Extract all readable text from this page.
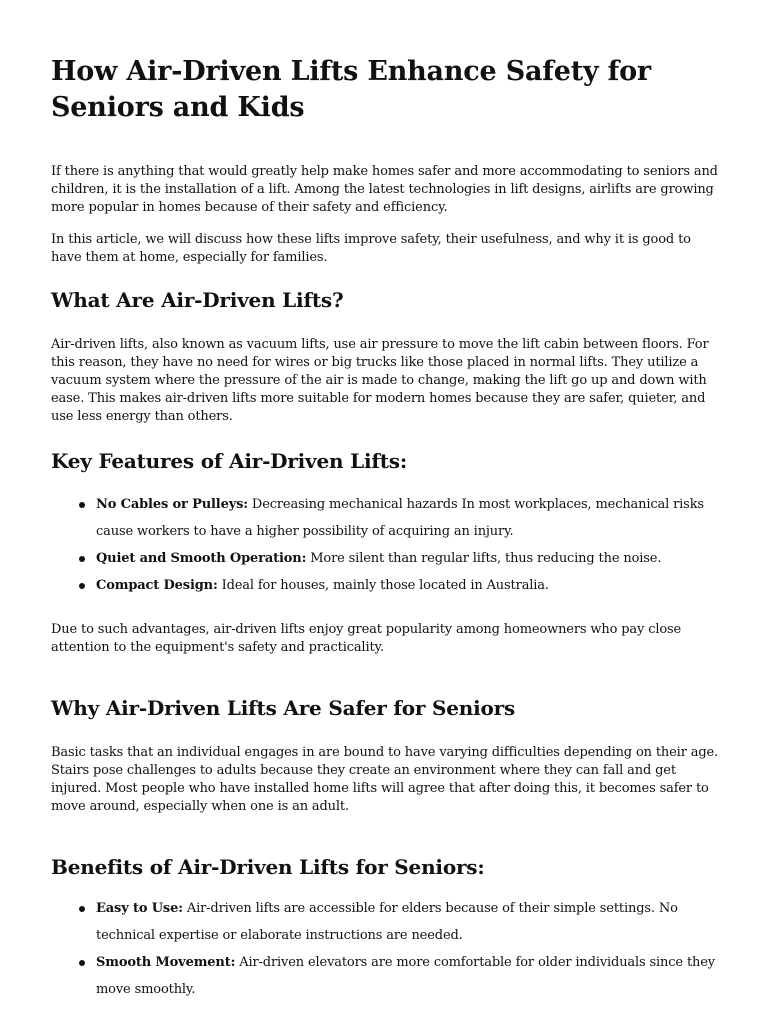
How Air-Driven Lifts Enhance Safety for Seniors and Kids

If there is anything that would greatly help make homes safer and more accommodating to seniors and children, it is the installation of a lift. Among the latest technologies in lift designs, airlifts are growing more popular in homes because of their safety and efficiency.

In this article, we will discuss how these lifts improve safety, their usefulness, and why it is good to have them at home, especially for families.

What Are Air-Driven Lifts?

Air-driven lifts, also known as vacuum lifts, use air pressure to move the lift cabin between floors. For this reason, they have no need for wires or big trucks like those placed in normal lifts. They utilize a vacuum system where the pressure of the air is made to change, making the lift go up and down with ease. This makes air-driven lifts more suitable for modern homes because they are safer, quieter, and use less energy than others.

Key Features of Air-Driven Lifts:
No Cables or Pulleys: Decreasing mechanical hazards In most workplaces, mechanical risks cause workers to have a higher possibility of acquiring an injury.
Quiet and Smooth Operation: More silent than regular lifts, thus reducing the noise.
Compact Design: Ideal for houses, mainly those located in Australia.

Due to such advantages, air-driven lifts enjoy great popularity among homeowners who pay close attention to the equipment's safety and practicality.

Why Air-Driven Lifts Are Safer for Seniors

Basic tasks that an individual engages in are bound to have varying difficulties depending on their age. Stairs pose challenges to adults because they create an environment where they can fall and get injured. Most people who have installed home lifts will agree that after doing this, it becomes safer to move around, especially when one is an adult.

Benefits of Air-Driven Lifts for Seniors:
Easy to Use: Air-driven lifts are accessible for elders because of their simple settings. No technical expertise or elaborate instructions are needed.
Smooth Movement: Air-driven elevators are more comfortable for older individuals since they move smoothly.
